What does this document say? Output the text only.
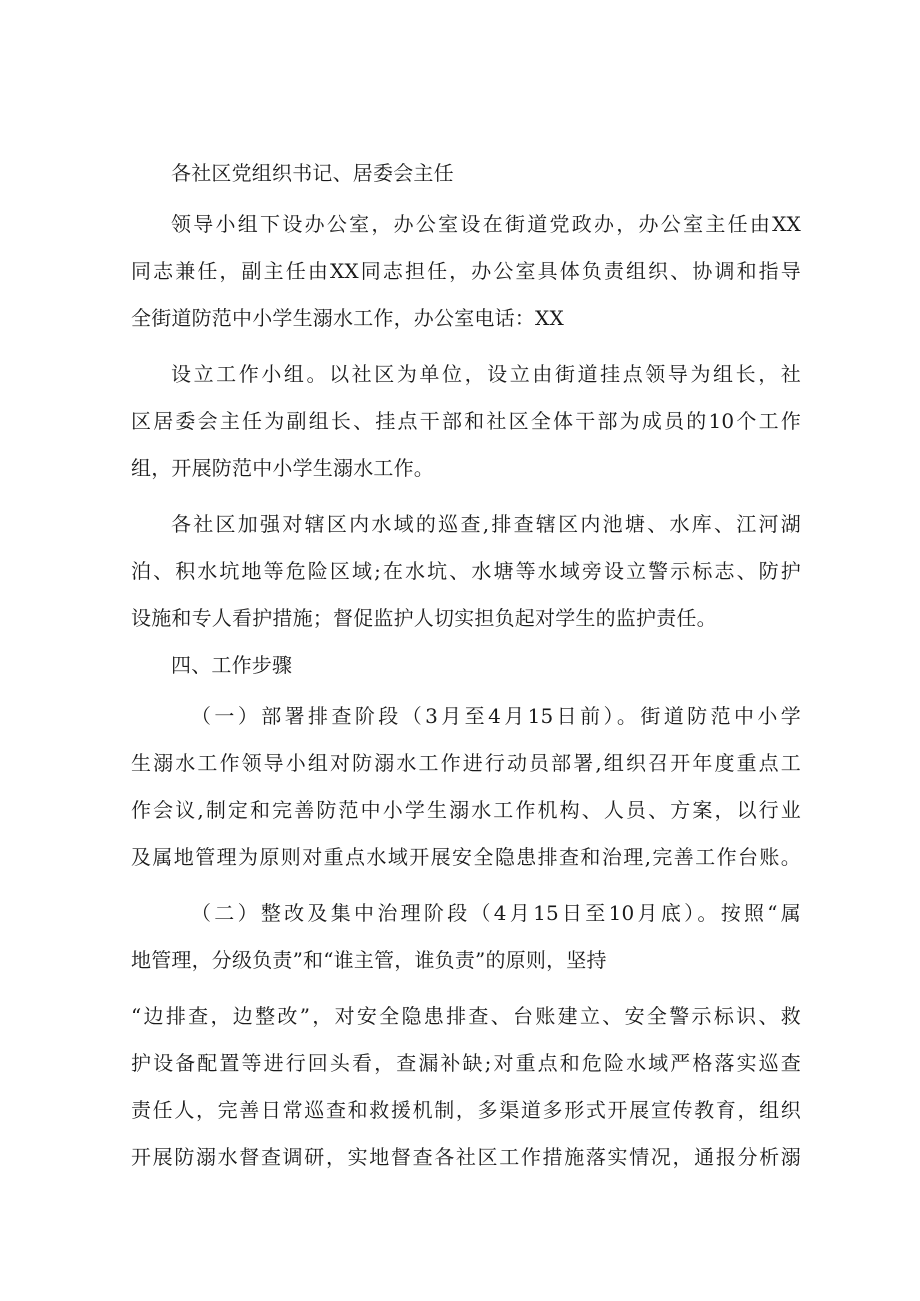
各社区党组织书记、居委会主任
领导小组下设办公室，办公室设在街道党政办，办公室主任由XX
同志兼任，副主任由XX同志担任，办公室具体负责组织、协调和指导
全街道防范中小学生溺水工作，办公室电话：XX
设立工作小组。以社区为单位，设立由街道挂点领导为组长，社
区居委会主任为副组长、挂点干部和社区全体干部为成员的10个工作
组，开展防范中小学生溺水工作。
各社区加强对辖区内水域的巡查,排查辖区内池塘、水库、江河湖
泊、积水坑地等危险区域;在水坑、水塘等水域旁设立警示标志、防护
设施和专人看护措施；督促监护人切实担负起对学生的监护责任。
四、工作步骤
（一）部署排查阶段（3月至4月15日前）。街道防范中小学
生溺水工作领导小组对防溺水工作进行动员部署,组织召开年度重点工
作会议,制定和完善防范中小学生溺水工作机构、人员、方案，以行业
及属地管理为原则对重点水域开展安全隐患排查和治理,完善工作台账。
（二）整改及集中治理阶段（4月15日至10月底）。按照“属
地管理，分级负责”和“谁主管，谁负责”的原则，坚持
“边排查，边整改”，对安全隐患排查、台账建立、安全警示标识、救
护设备配置等进行回头看，查漏补缺;对重点和危险水域严格落实巡查
责任人，完善日常巡查和救援机制，多渠道多形式开展宣传教育，组织
开展防溺水督查调研，实地督查各社区工作措施落实情况，通报分析溺
